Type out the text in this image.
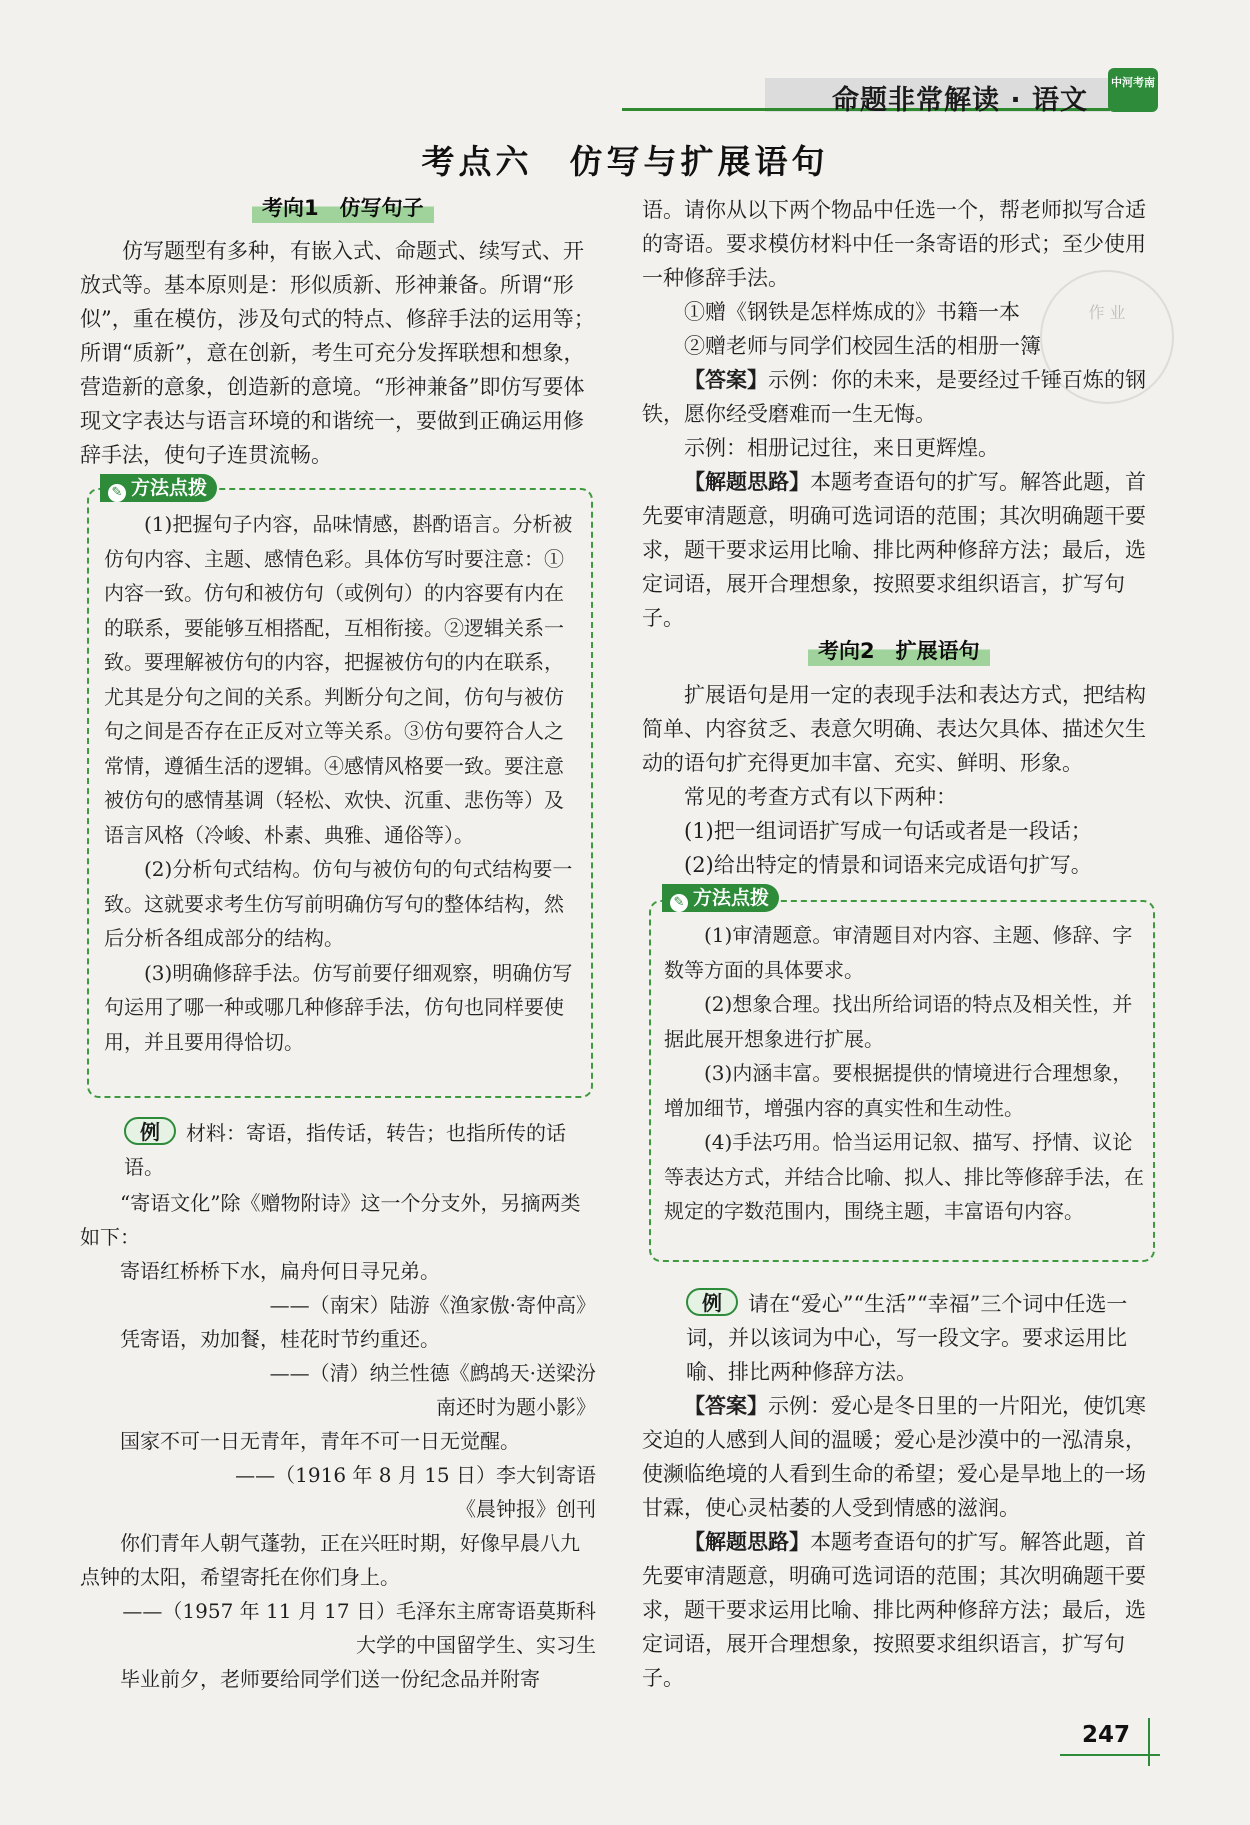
命题非常解读 · 语文
中河考南
考点六　仿写与扩展语句
考向1　仿写句子

仿写题型有多种，有嵌入式、命题式、续写式、开放式等。基本原则是：形似质新、形神兼备。所谓“形似”，重在模仿，涉及句式的特点、修辞手法的运用等；所谓“质新”，意在创新，考生可充分发挥联想和想象，营造新的意象，创造新的意境。“形神兼备”即仿写要体现文字表达与语言环境的和谐统一，要做到正确运用修辞手法，使句子连贯流畅。

✎ 方法点拨

(1)把握句子内容，品味情感，斟酌语言。分析被仿句内容、主题、感情色彩。具体仿写时要注意：①内容一致。仿句和被仿句（或例句）的内容要有内在的联系，要能够互相搭配，互相衔接。②逻辑关系一致。要理解被仿句的内容，把握被仿句的内在联系，尤其是分句之间的关系。判断分句之间，仿句与被仿句之间是否存在正反对立等关系。③仿句要符合人之常情，遵循生活的逻辑。④感情风格要一致。要注意被仿句的感情基调（轻松、欢快、沉重、悲伤等）及语言风格（冷峻、朴素、典雅、通俗等）。

(2)分析句式结构。仿句与被仿句的句式结构要一致。这就要求考生仿写前明确仿写句的整体结构，然后分析各组成部分的结构。

(3)明确修辞手法。仿写前要仔细观察，明确仿写句运用了哪一种或哪几种修辞手法，仿句也同样要使用，并且要用得恰切。

例 材料：寄语，指传话，转告；也指所传的话语。

“寄语文化”除《赠物附诗》这一个分支外，另摘两类如下：

寄语红桥桥下水，扁舟何日寻兄弟。

——（南宋）陆游《渔家傲·寄仲高》

凭寄语，劝加餐，桂花时节约重还。

——（清）纳兰性德《鹧鸪天·送梁汾

南还时为题小影》

国家不可一日无青年，青年不可一日无觉醒。

——（1916 年 8 月 15 日）李大钊寄语

《晨钟报》创刊

你们青年人朝气蓬勃，正在兴旺时期，好像早晨八九点钟的太阳，希望寄托在你们身上。

——（1957 年 11 月 17 日）毛泽东主席寄语莫斯科

大学的中国留学生、实习生

毕业前夕，老师要给同学们送一份纪念品并附寄

语。请你从以下两个物品中任选一个，帮老师拟写合适的寄语。要求模仿材料中任一条寄语的形式；至少使用一种修辞手法。

①赠《钢铁是怎样炼成的》书籍一本

②赠老师与同学们校园生活的相册一簿

【答案】示例：你的未来，是要经过千锤百炼的钢铁，愿你经受磨难而一生无悔。

示例：相册记过往，来日更辉煌。

【解题思路】本题考查语句的扩写。解答此题，首先要审清题意，明确可选词语的范围；其次明确题干要求，题干要求运用比喻、排比两种修辞方法；最后，选定词语，展开合理想象，按照要求组织语言，扩写句子。

作 业
考向2　扩展语句

扩展语句是用一定的表现手法和表达方式，把结构简单、内容贫乏、表意欠明确、表达欠具体、描述欠生动的语句扩充得更加丰富、充实、鲜明、形象。

常见的考查方式有以下两种：

(1)把一组词语扩写成一句话或者是一段话；

(2)给出特定的情景和词语来完成语句扩写。

✎ 方法点拨

(1)审清题意。审清题目对内容、主题、修辞、字数等方面的具体要求。

(2)想象合理。找出所给词语的特点及相关性，并据此展开想象进行扩展。

(3)内涵丰富。要根据提供的情境进行合理想象，增加细节，增强内容的真实性和生动性。

(4)手法巧用。恰当运用记叙、描写、抒情、议论等表达方式，并结合比喻、拟人、排比等修辞手法，在规定的字数范围内，围绕主题，丰富语句内容。

例 请在“爱心”“生活”“幸福”三个词中任选一词，并以该词为中心，写一段文字。要求运用比喻、排比两种修辞方法。

【答案】示例：爱心是冬日里的一片阳光，使饥寒交迫的人感到人间的温暖；爱心是沙漠中的一泓清泉，使濒临绝境的人看到生命的希望；爱心是旱地上的一场甘霖，使心灵枯萎的人受到情感的滋润。

【解题思路】本题考查语句的扩写。解答此题，首先要审清题意，明确可选词语的范围；其次明确题干要求，题干要求运用比喻、排比两种修辞方法；最后，选定词语，展开合理想象，按照要求组织语言，扩写句子。

247
